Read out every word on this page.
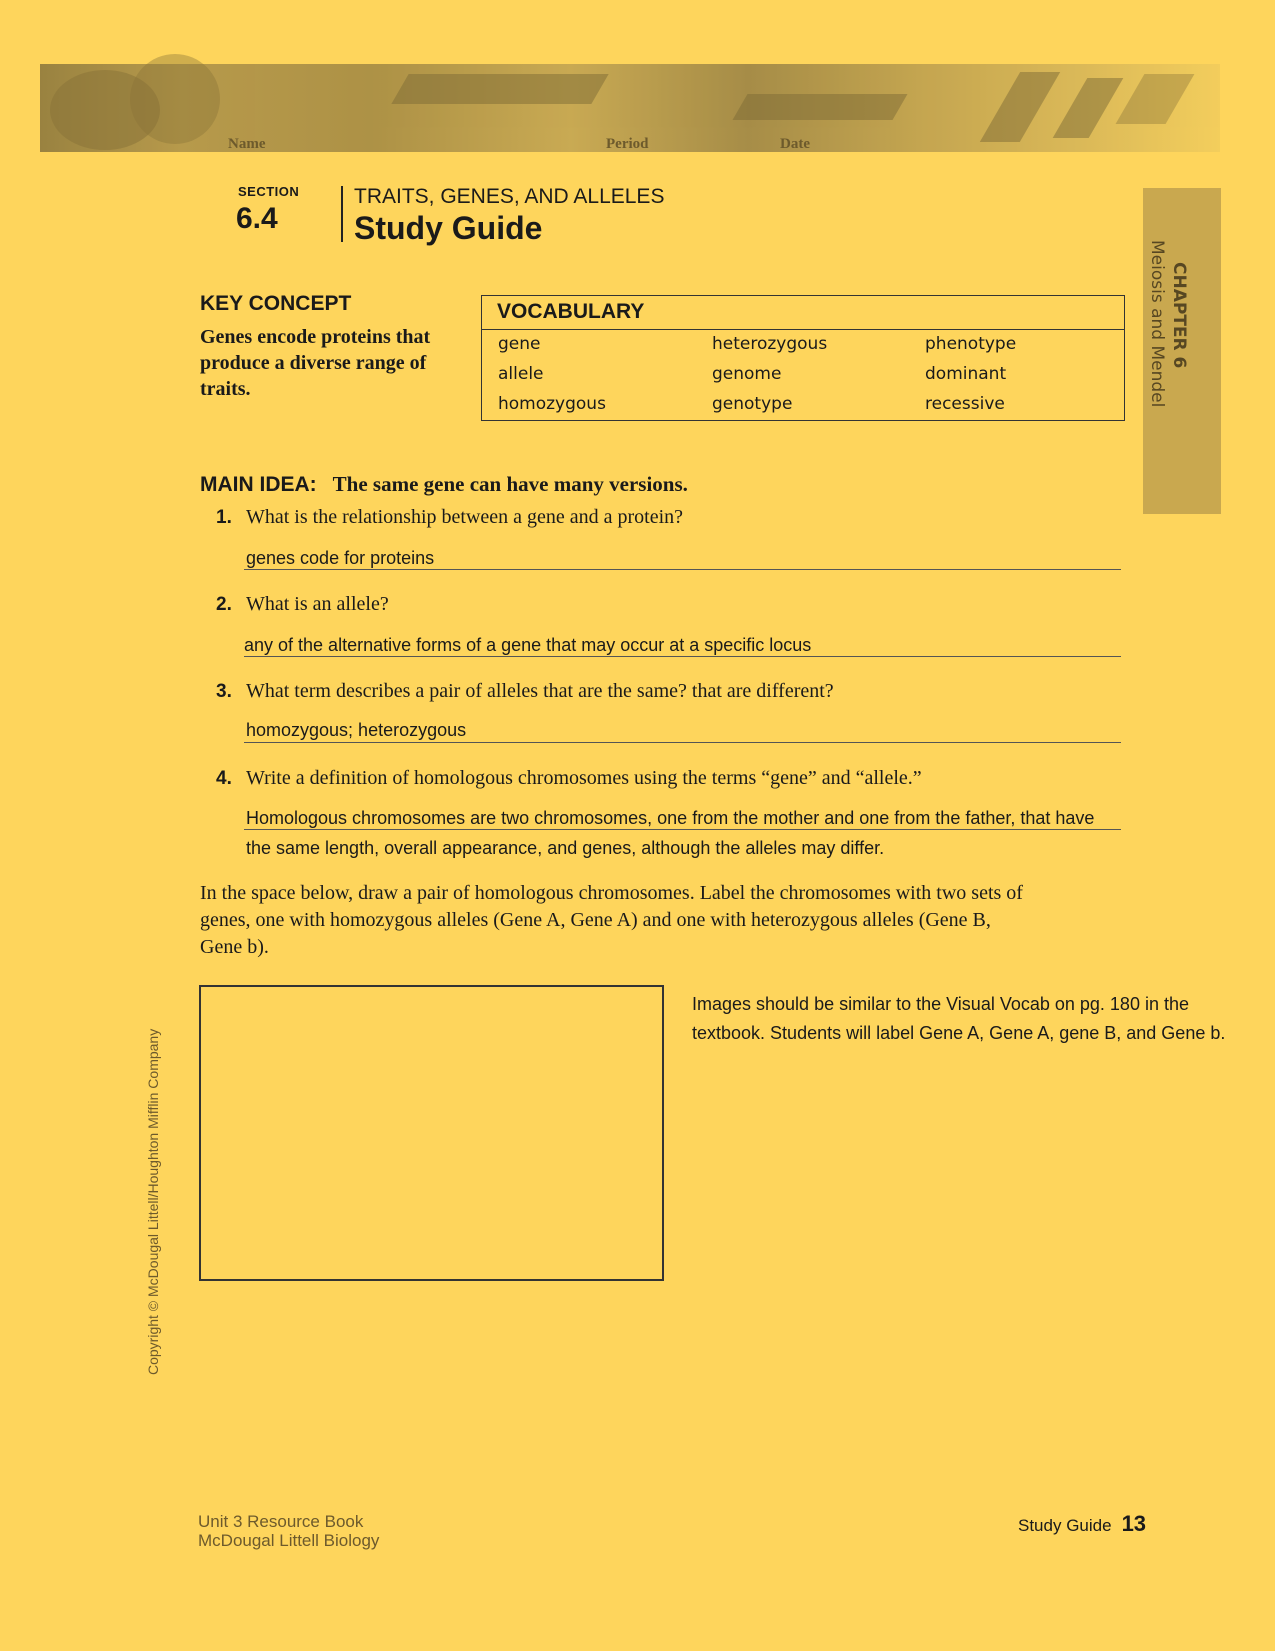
Name	Period	Date
SECTION
6.4
TRAITS, GENES, AND ALLELES
Study Guide
CHAPTER 6
Meiosis and Mendel
KEY CONCEPT
Genes encode proteins that produce a diverse range of traits.
VOCABULARY
gene
allele
homozygous
heterozygous
genome
genotype
phenotype
dominant
recessive
MAIN IDEA: The same gene can have many versions.
1. What is the relationship between a gene and a protein?
genes code for proteins
2. What is an allele?
any of the alternative forms of a gene that may occur at a specific locus
3. What term describes a pair of alleles that are the same? that are different?
homozygous; heterozygous
4. Write a definition of homologous chromosomes using the terms “gene” and “allele.”
Homologous chromosomes are two chromosomes, one from the mother and one from the father, that have
the same length, overall appearance, and genes, although the alleles may differ.
In the space below, draw a pair of homologous chromosomes. Label the chromosomes with two sets of genes, one with homozygous alleles (Gene A, Gene A) and one with heterozygous alleles (Gene B, Gene b).
Images should be similar to the Visual Vocab on pg. 180 in the textbook. Students will label Gene A, Gene A, gene B, and Gene b.
Copyright © McDougal Littell/Houghton Mifflin Company
Unit 3 Resource Book
McDougal Littell Biology
Study Guide 13
